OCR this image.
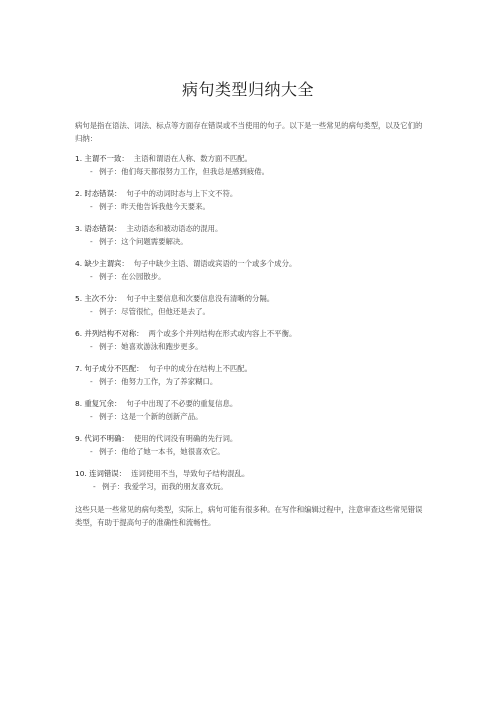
病句类型归纳大全

病句是指在语法、词法、标点等方面存在错误或不当使用的句子。以下是一些常见的病句类型，以及它们的归纳：

1. 主谓不一致： 主语和谓语在人称、数方面不匹配。
- 例子：他们每天都很努力工作，但我总是感到疲倦。
2. 时态错误： 句子中的动词时态与上下文不符。
- 例子：昨天他告诉我他今天要来。
3. 语态错误： 主动语态和被动语态的混用。
- 例子：这个问题需要解决。
4. 缺少主谓宾： 句子中缺少主语、谓语或宾语的一个或多个成分。
- 例子：在公园散步。
5. 主次不分： 句子中主要信息和次要信息没有清晰的分隔。
- 例子：尽管很忙，但他还是去了。
6. 并列结构不对称： 两个或多个并列结构在形式或内容上不平衡。
- 例子：她喜欢游泳和跑步更多。
7. 句子成分不匹配： 句子中的成分在结构上不匹配。
- 例子：他努力工作，为了养家糊口。
8. 重复冗余： 句子中出现了不必要的重复信息。
- 例子：这是一个新的创新产品。
9. 代词不明确： 使用的代词没有明确的先行词。
- 例子：他给了她一本书，她很喜欢它。
10. 连词错误： 连词使用不当，导致句子结构混乱。
- 例子：我爱学习，而我的朋友喜欢玩。

这些只是一些常见的病句类型，实际上，病句可能有很多种。在写作和编辑过程中，注意审查这些常见错误类型，有助于提高句子的准确性和流畅性。
